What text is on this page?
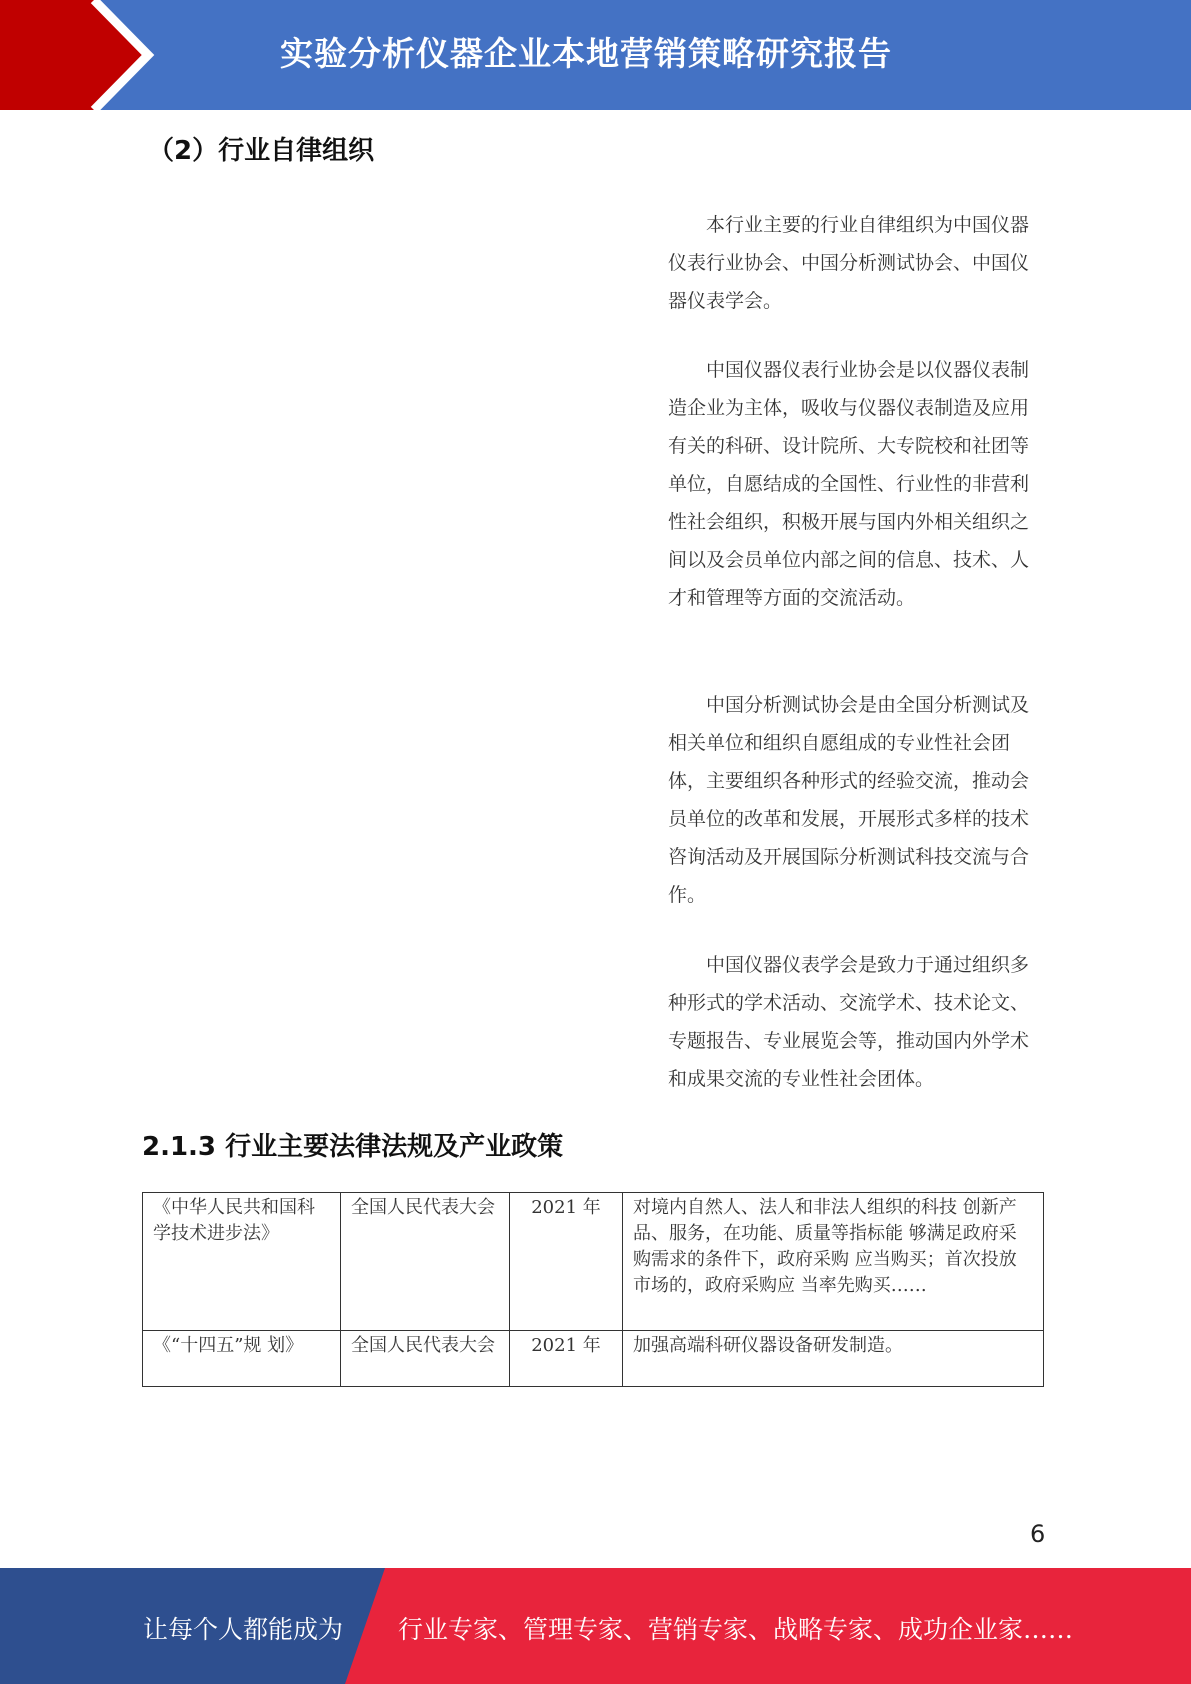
实验分析仪器企业本地营销策略研究报告
（2）行业自律组织

本行业主要的行业自律组织为中国仪器仪表行业协会、中国分析测试协会、中国仪器仪表学会。

中国仪器仪表行业协会是以仪器仪表制造企业为主体，吸收与仪器仪表制造及应用有关的科研、设计院所、大专院校和社团等单位，自愿结成的全国性、行业性的非营利性社会组织，积极开展与国内外相关组织之间以及会员单位内部之间的信息、技术、人才和管理等方面的交流活动。

中国分析测试协会是由全国分析测试及相关单位和组织自愿组成的专业性社会团体，主要组织各种形式的经验交流，推动会员单位的改革和发展，开展形式多样的技术咨询活动及开展国际分析测试科技交流与合作。

中国仪器仪表学会是致力于通过组织多种形式的学术活动、交流学术、技术论文、专题报告、专业展览会等，推动国内外学术和成果交流的专业性社会团体。

2.1.3 行业主要法律法规及产业政策
《中华人民共和国科学技术进步法》	全国人民代表大会	2021 年	对境内自然人、法人和非法人组织的科技 创新产品、服务，在功能、质量等指标能 够满足政府采购需求的条件下，政府采购 应当购买；首次投放市场的，政府采购应 当率先购买……
《“十四五”规 划》	全国人民代表大会	2021 年	加强高端科研仪器设备研发制造。
6
让每个人都能成为 行业专家、管理专家、营销专家、战略专家、成功企业家……
